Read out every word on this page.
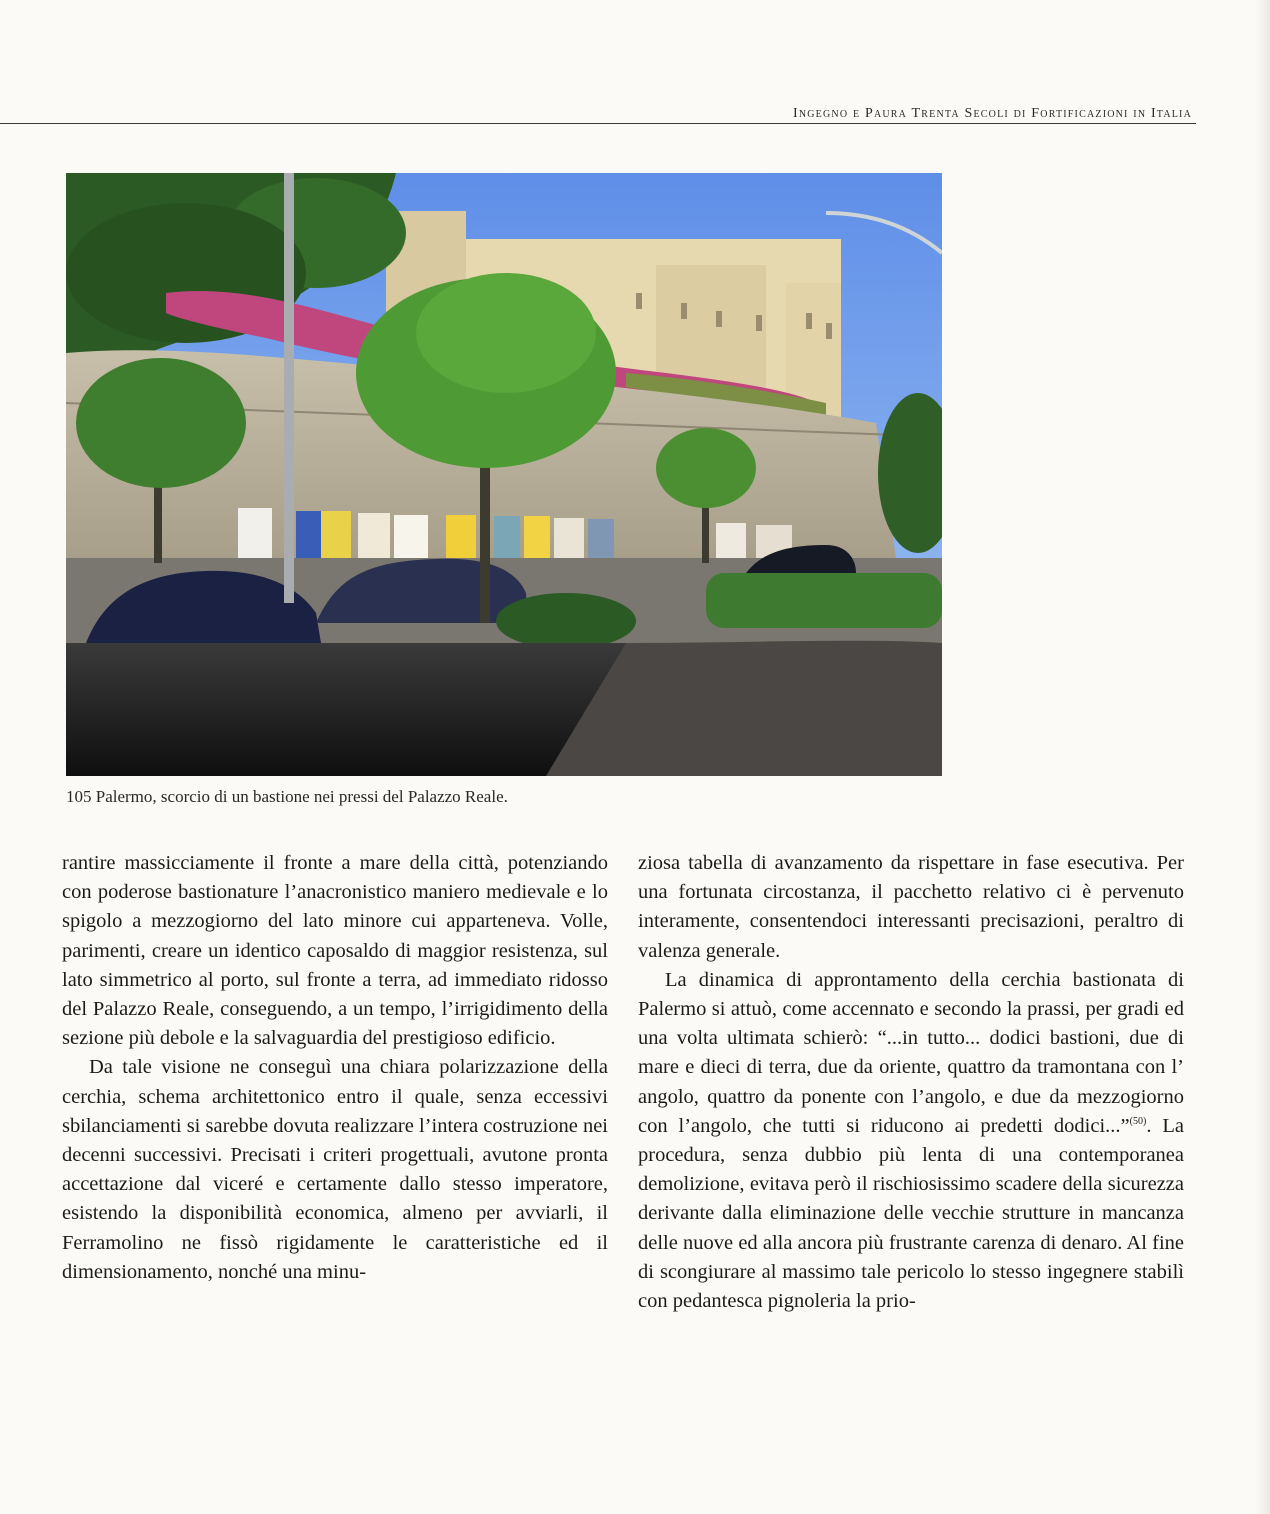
Ingegno e Paura Trenta Secoli di Fortificazioni in Italia
105 Palermo, scorcio di un bastione nei pressi del Palazzo Reale.

rantire massicciamente il fronte a mare della città, potenziando con poderose bastionature l’anacronistico maniero medievale e lo spigolo a mezzogiorno del lato minore cui apparteneva. Volle, parimenti, creare un identico caposaldo di maggior resistenza, sul lato simmetrico al porto, sul fronte a terra, ad immediato ridosso del Palazzo Reale, conseguendo, a un tempo, l’irrigidimento della sezione più debole e la salvaguardia del prestigioso edificio.

Da tale visione ne conseguì una chiara polarizzazione della cerchia, schema architettonico entro il quale, senza eccessivi sbilanciamenti si sarebbe dovuta realizzare l’intera costruzione nei decenni successivi. Precisati i criteri progettuali, avutone pronta accettazione dal viceré e certamente dallo stesso imperatore, esistendo la disponibilità economica, almeno per avviarli, il Ferramolino ne fissò rigidamente le caratteristiche ed il dimensionamento, nonché una minu-

ziosa tabella di avanzamento da rispettare in fase esecutiva. Per una fortunata circostanza, il pacchetto relativo ci è pervenuto interamente, consentendoci interessanti precisazioni, peraltro di valenza generale.

La dinamica di approntamento della cerchia bastionata di Palermo si attuò, come accennato e secondo la prassi, per gradi ed una volta ultimata schierò: “...in tutto... dodici bastioni, due di mare e dieci di terra, due da oriente, quattro da tramontana con l’ angolo, quattro da ponente con l’angolo, e due da mezzogiorno con l’angolo, che tutti si riducono ai predetti dodici...”$^{(50)}$. La procedura, senza dubbio più lenta di una contemporanea demolizione, evitava però il rischiosissimo scadere della sicurezza derivante dalla eliminazione delle vecchie strutture in mancanza delle nuove ed alla ancora più frustrante carenza di denaro. Al fine di scongiurare al massimo tale pericolo lo stesso ingegnere stabilì con pedantesca pignoleria la prio-
